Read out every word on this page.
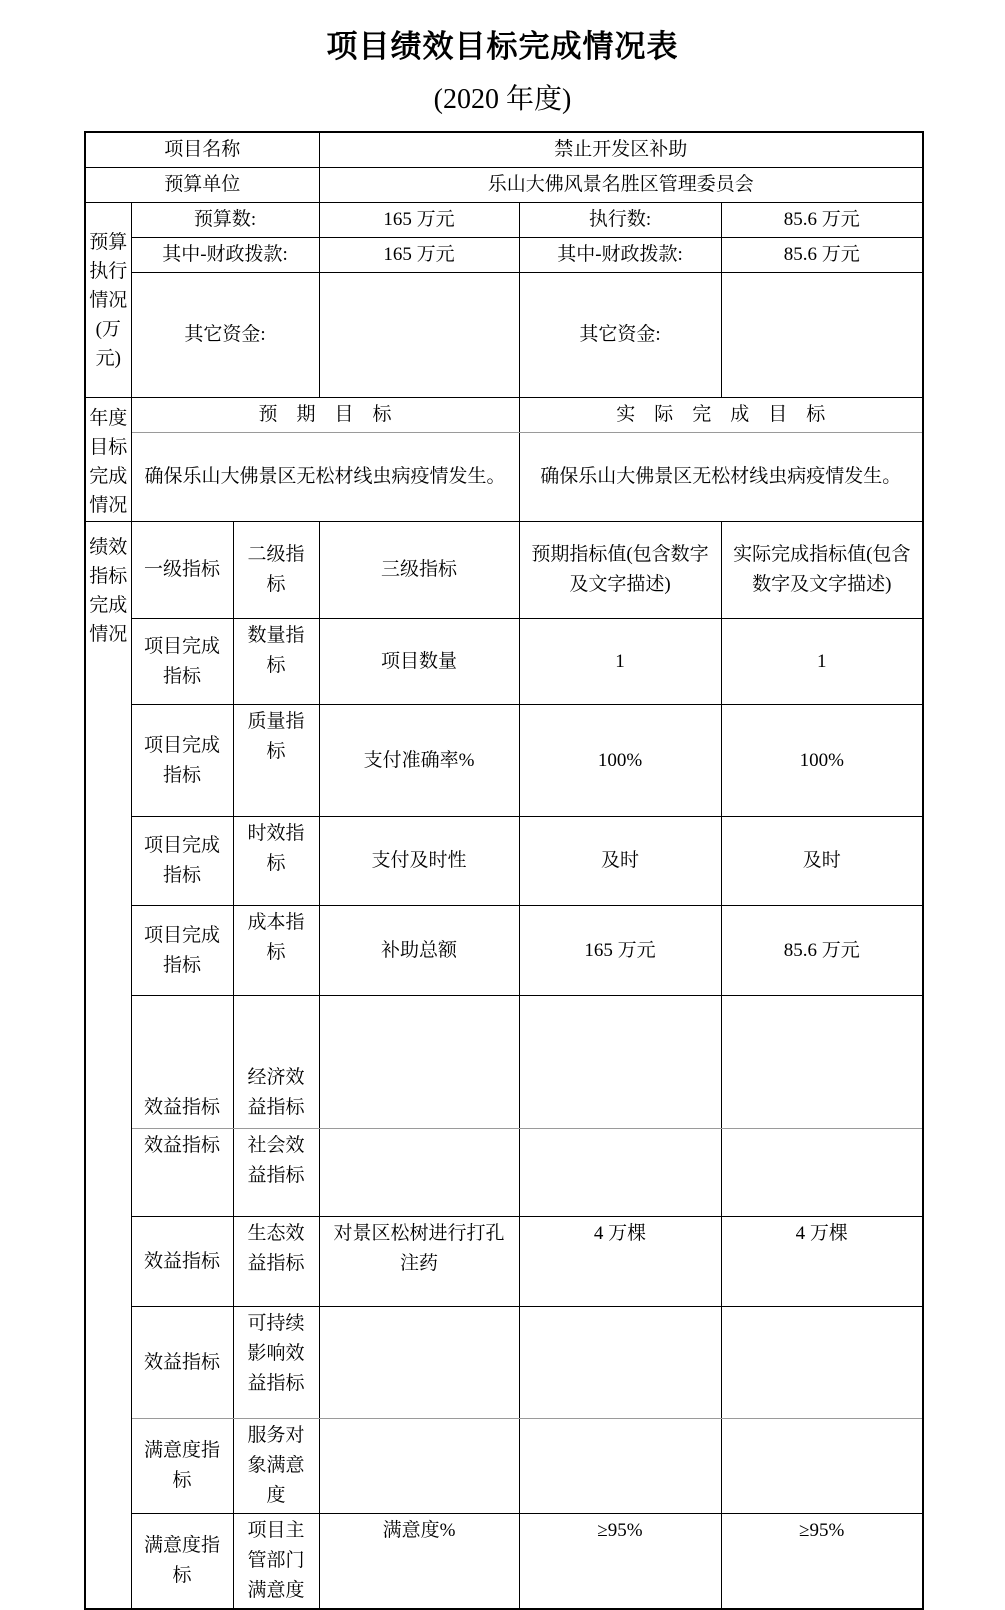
项目绩效目标完成情况表
(2020 年度)
项目名称			禁止开发区补助		
预算单位			乐山大佛风景名胜区管理委员会		
预算执行情况(万元)	预算数:		165 万元	执行数:	85.6 万元
	其中-财政拨款:		165 万元	其中-财政拨款:	85.6 万元
	其它资金:			其它资金:	
年度目标完成情况	预期目标			实际完成目标	
	确保乐山大佛景区无松材线虫病疫情发生。			确保乐山大佛景区无松材线虫病疫情发生。	
绩效指标完成情况	一级指标	二级指标	三级指标	预期指标值(包含数字及文字描述)	实际完成指标值(包含数字及文字描述)
	项目完成指标	数量指标	项目数量	1	1
	项目完成指标	质量指标	支付准确率%	100%	100%
	项目完成指标	时效指标	支付及时性	及时	及时
	项目完成指标	成本指标	补助总额	165 万元	85.6 万元
	效益指标	经济效益指标			
	效益指标	社会效益指标			
	效益指标	生态效益指标	对景区松树进行打孔注药	4 万棵	4 万棵
	效益指标	可持续影响效益指标			
	满意度指标	服务对象满意度			
	满意度指标	项目主管部门满意度	满意度%	≥95%	≥95%
